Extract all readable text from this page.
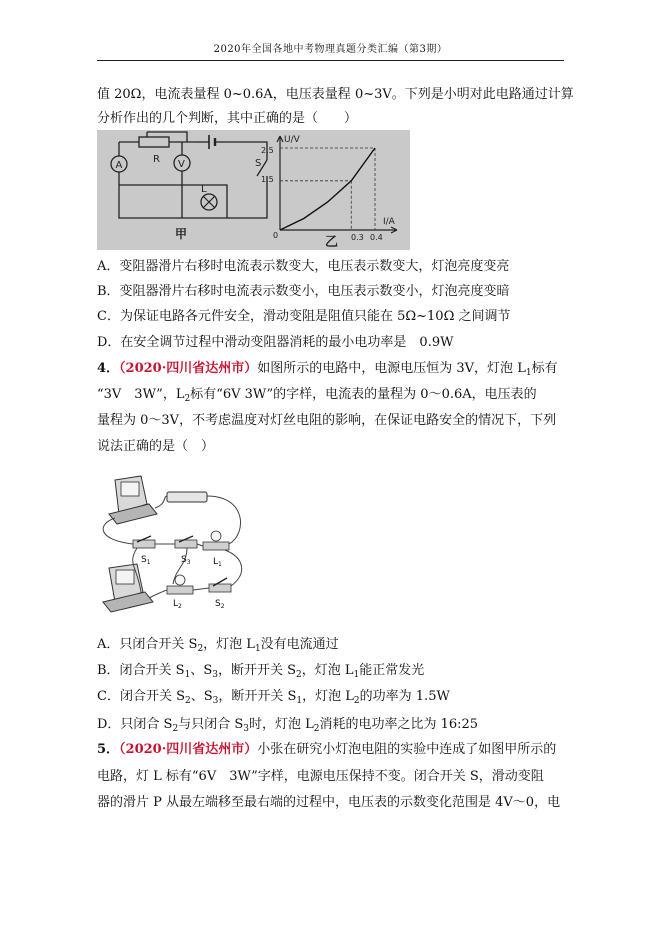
2020年全国各地中考物理真题分类汇编（第3期）
值 20Ω，电流表量程 0~0.6A，电压表量程 0~3V。下列是小明对此电路通过计算
分析作出的几个判断，其中正确的是（　　）
A	V
R	S
L
甲
U/V
I/A
2.5
1.5
0	0.3 0.4
乙
A．变阻器滑片右移时电流表示数变大，电压表示数变大，灯泡亮度变亮
B．变阻器滑片右移时电流表示数变小，电压表示数变小，灯泡亮度变暗
C．为保证电路各元件安全，滑动变阻是阻值只能在 5Ω~10Ω 之间调节
D．在安全调节过程中滑动变阻器消耗的最小电功率是　0.9W
4．（2020·四川省达州市）如图所示的电路中，电源电压恒为 3V，灯泡 $L_1$标有
“3V　3W”，$L_2$标有“6V 3W”的字样，电流表的量程为 0～0.6A，电压表的
量程为 0～3V，不考虑温度对灯丝电阻的影响，在保证电路安全的情况下，下列
说法正确的是（　）
$S_1$	$S_3$ $L_1$
$L_2$	$S_2$
A．只闭合开关 $S_2$，灯泡 $L_1$没有电流通过
B．闭合开关 $S_1$、$S_3$，断开开关 $S_2$，灯泡 $L_1$能正常发光
C．闭合开关 $S_2$、$S_3$，断开开关 $S_1$，灯泡 $L_2$的功率为 1.5W
D．只闭合 $S_2$与只闭合 $S_3$时，灯泡 $L_2$消耗的电功率之比为 16:25
5．（2020·四川省达州市）小张在研究小灯泡电阻的实验中连成了如图甲所示的
电路，灯 L 标有“6V　3W”字样，电源电压保持不变。闭合开关 S，滑动变阻
器的滑片 P 从最左端移至最右端的过程中，电压表的示数变化范围是 4V～0，电
